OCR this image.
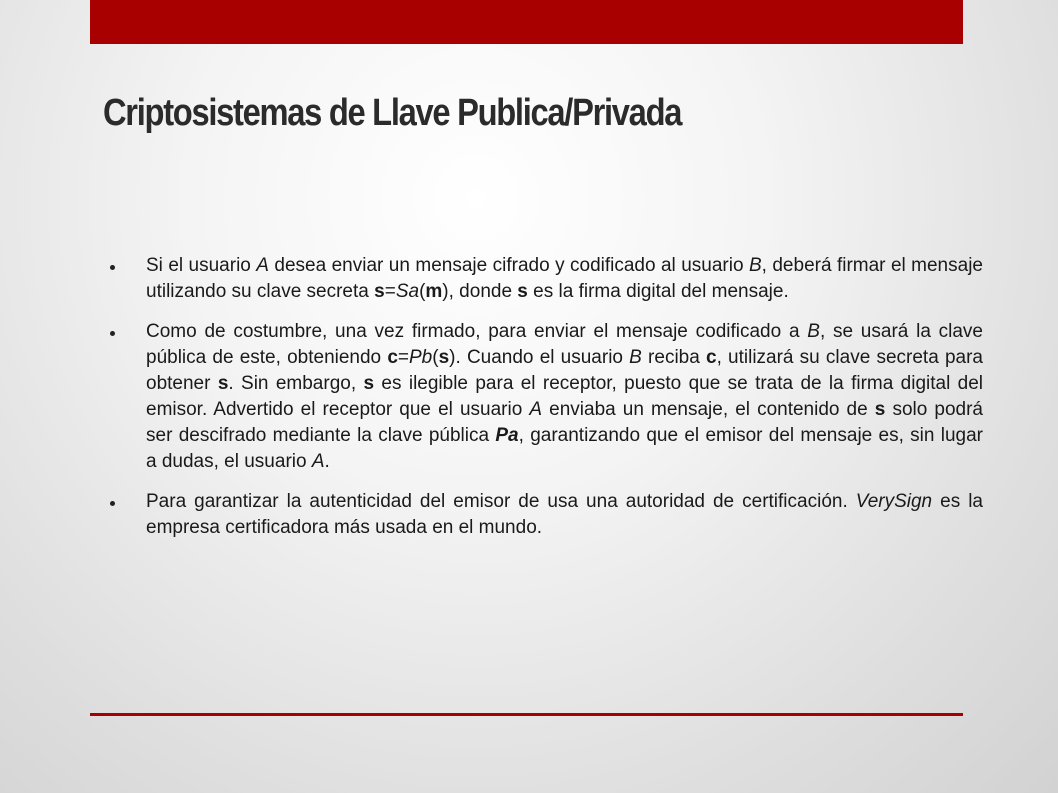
Criptosistemas de Llave Publica/Privada
Si el usuario A desea enviar un mensaje cifrado y codificado al usuario B, deberá firmar el mensaje utilizando su clave secreta s=Sa(m), donde s es la firma digital del mensaje.
Como de costumbre, una vez firmado, para enviar el mensaje codificado a B, se usará la clave pública de este, obteniendo c=Pb(s). Cuando el usuario B reciba c, utilizará su clave secreta para obtener s. Sin embargo, s es ilegible para el receptor, puesto que se trata de la firma digital del emisor. Advertido el receptor que el usuario A enviaba un mensaje, el contenido de s solo podrá ser descifrado mediante la clave pública Pa, garantizando que el emisor del mensaje es, sin lugar a dudas, el usuario A.
Para garantizar la autenticidad del emisor de usa una autoridad de certificación. VerySign es la empresa certificadora más usada en el mundo.
